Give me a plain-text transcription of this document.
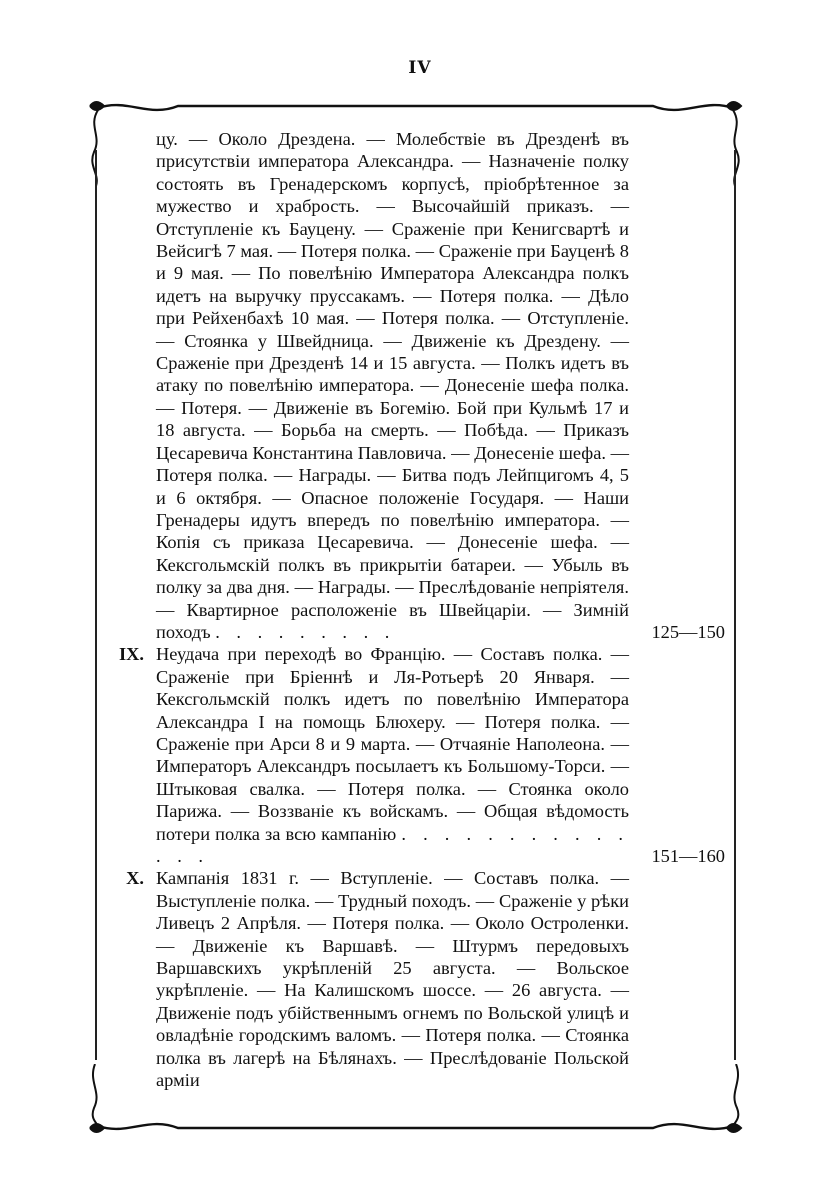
IV
цу. — Около Дрездена. — Молебствіе въ Дрезденѣ въ присутствіи императора Александра. — Назначеніе полку состоять въ Гренадерскомъ корпусѣ, пріобрѣтенное за мужество и храбрость. — Высочайшій приказъ. — Отступленіе къ Бауцену. — Сраженіе при Кенигсвартѣ и Вейсигѣ 7 мая. — Потеря полка. — Сраженіе при Бауценѣ 8 и 9 мая. — По повелѣнію Императора Александра полкъ идетъ на выручку пруссакамъ. — Потеря полка. — Дѣло при Рейхенбахѣ 10 мая. — Потеря полка. — Отступленіе. — Стоянка у Швейдница. — Движеніе къ Дрездену. — Сраженіе при Дрезденѣ 14 и 15 августа. — Полкъ идетъ въ атаку по повелѣнію императора. — Донесеніе шефа полка. — Потеря. — Движеніе въ Богемію. Бой при Кульмѣ 17 и 18 августа. — Борьба на смерть. — Побѣда. — Приказъ Цесаревича Константина Павловича. — Донесеніе шефа. — Потеря полка. — Награды. — Битва подъ Лейпцигомъ 4, 5 и 6 октября. — Опасное положеніе Государя. — Наши Гренадеры идутъ впередъ по повелѣнію императора. — Копія съ приказа Цесаревича. — Донесеніе шефа. — Кексгольмскій полкъ въ прикрытіи батареи. — Убыль въ полку за два дня. — Награды. — Преслѣдованіе непріятеля. — Квартирное расположеніе въ Швейцаріи. — Зимній походъ . . . . . . . . .	125—150
IX. Неудача при переходѣ во Францію. — Составъ полка. — Сраженіе при Бріеннѣ и Ля-Ротьерѣ 20 Января. — Кексгольмскій полкъ идетъ по повелѣнію Императора Александра I на помощь Блюхеру. — Потеря полка. — Сраженіе при Арси 8 и 9 марта. — Отчаяніе Наполеона. — Императоръ Александръ посылаетъ къ Большому-Торси. — Штыковая свалка. — Потеря полка. — Стоянка около Парижа. — Воззваніе къ войскамъ. — Общая вѣдомость потери полка за всю кампанію . . . . . . . . . . . . . .	151—160
X. Кампанія 1831 г. — Вступленіе. — Составъ полка. — Выступленіе полка. — Трудный походъ. — Сраженіе у рѣки Ливецъ 2 Апрѣля. — Потеря полка. — Около Остроленки. — Движеніе къ Варшавѣ. — Штурмъ передовыхъ Варшавскихъ укрѣпленій 25 августа. — Вольское укрѣпленіе. — На Калишскомъ шоссе. — 26 августа. — Движеніе подъ убійственнымъ огнемъ по Вольской улицѣ и овладѣніе городскимъ валомъ. — Потеря полка. — Стоянка полка въ лагерѣ на Бѣлянахъ. — Преслѣдованіе Польской арміи
